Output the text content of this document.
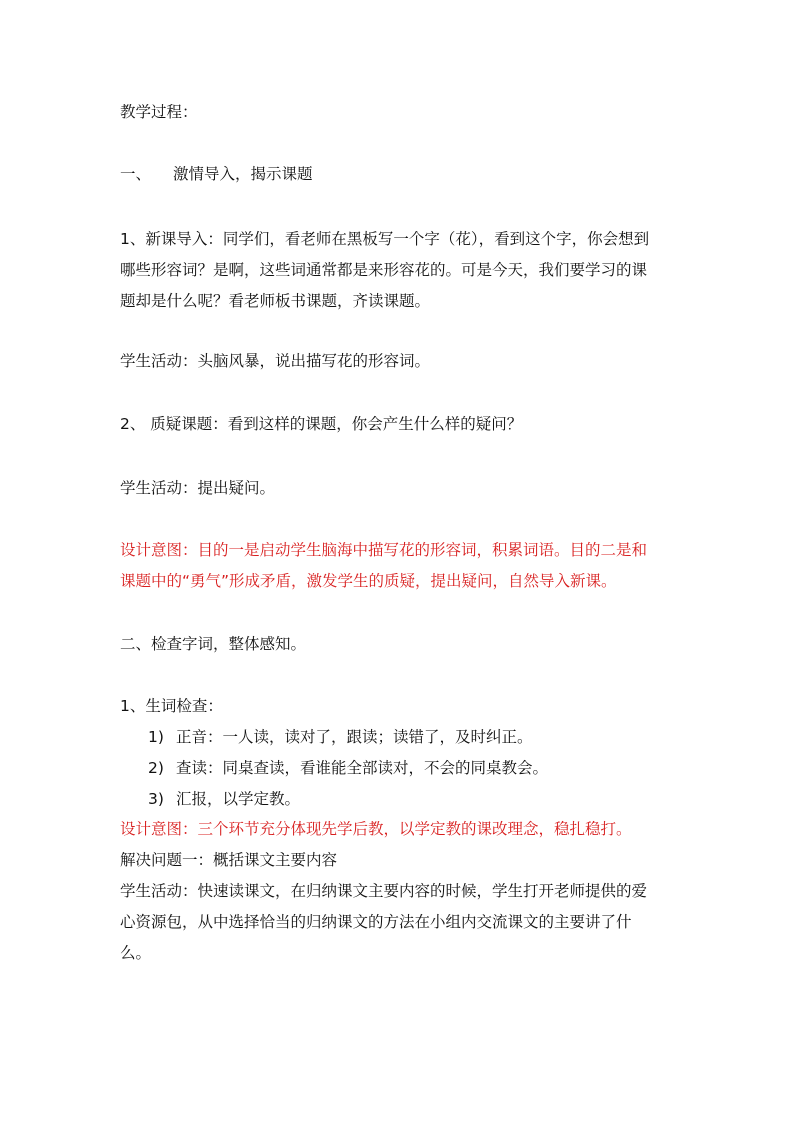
教学过程：
一、 激情导入，揭示课题
1、新课导入：同学们，看老师在黑板写一个字（花），看到这个字，你会想到
哪些形容词？是啊，这些词通常都是来形容花的。可是今天，我们要学习的课
题却是什么呢？看老师板书课题，齐读课题。
学生活动：头脑风暴，说出描写花的形容词。
2、 质疑课题：看到这样的课题，你会产生什么样的疑问？
学生活动：提出疑问。
设计意图：目的一是启动学生脑海中描写花的形容词，积累词语。目的二是和
课题中的“勇气”形成矛盾，激发学生的质疑，提出疑问，自然导入新课。
二、检查字词，整体感知。
1、生词检查：
1) 正音：一人读，读对了，跟读；读错了，及时纠正。
2) 查读：同桌查读，看谁能全部读对，不会的同桌教会。
3) 汇报，以学定教。
设计意图：三个环节充分体现先学后教，以学定教的课改理念，稳扎稳打。
解决问题一：概括课文主要内容
学生活动：快速读课文，在归纳课文主要内容的时候，学生打开老师提供的爱
心资源包，从中选择恰当的归纳课文的方法在小组内交流课文的主要讲了什
么。
